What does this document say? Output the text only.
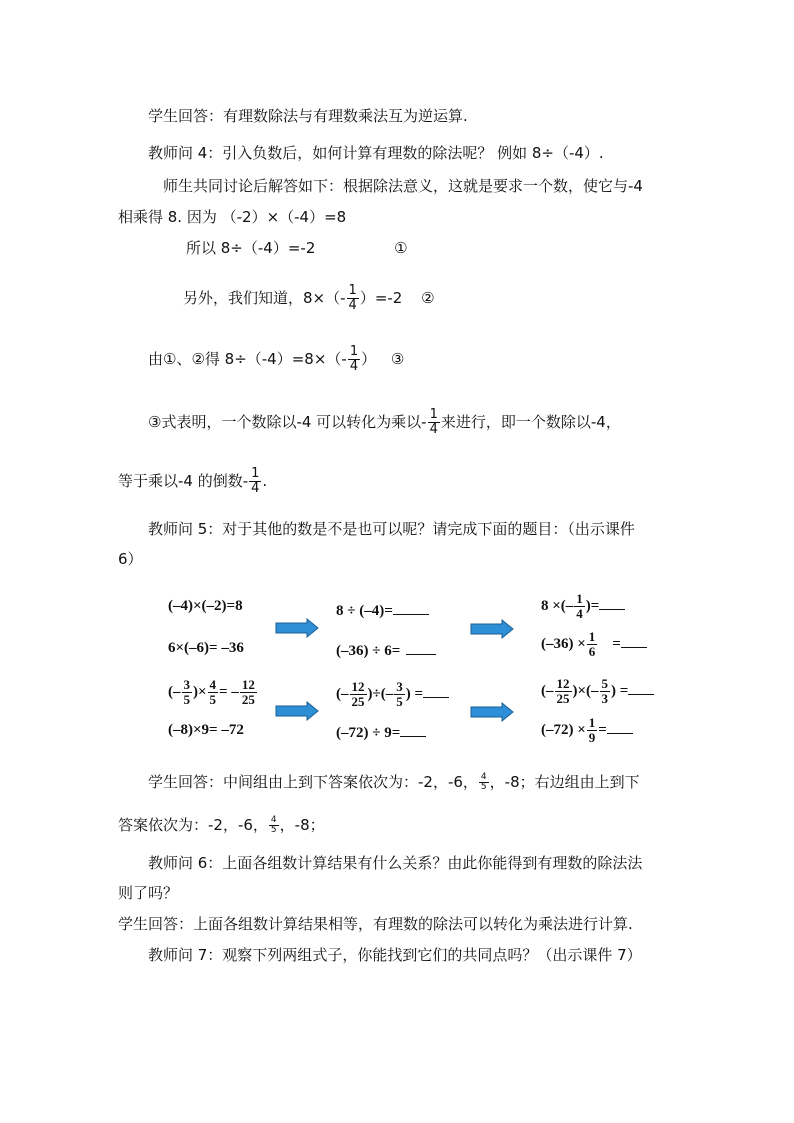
学生回答：有理数除法与有理数乘法互为逆运算.
教师问 4：引入负数后，如何计算有理数的除法呢？ 例如 8÷（-4）.
师生共同讨论后解答如下：根据除法意义，这就是要求一个数，使它与-4
相乘得 8. 因为 （-2）×（-4）=8
所以 8÷（-4）=-2	①
另外，我们知道，$8\times(- \frac{1}{4} )=-2$ ②
由①、②得 $8\div(-4)=8\times(- \frac{1}{4}$ ） ③
③式表明，一个数除以-4 可以转化为乘以- $\frac{1}{4}$ 来进行，即一个数除以-4，
等于乘以-4 的倒数- $\frac{1}{4}$ .
教师问 5：对于其他的数是不是也可以呢？请完成下面的题目：（出示课件
6）
(–4)×(–2)=8
6×(–6)= –36
(– $\frac{3}{5}$ )× $\frac{4}{5}$ = – $\frac{12}{25}$
(–8)×9= –72
8 ÷ (–4)=
(–36) ÷ 6=
(– $\frac{12}{25}$ )÷(– $\frac{3}{5}$ ) =
(–72) ÷ 9=
8 ×(– $\frac{1}{4}$ )=
$(-36) \times \frac{1}{6}$ =
(– $\frac{12}{25}$ )×(– $\frac{5}{3}$ ) =
$(-72) \times \frac{1}{9}$ =
学生回答：中间组由上到下答案依次为：-2，-6， $\frac{4}{5}$ ，-8；右边组由上到下
答案依次为：-2，-6， $\frac{4}{5}$ ，-8；
教师问 6：上面各组数计算结果有什么关系？由此你能得到有理数的除法法
则了吗？
学生回答：上面各组数计算结果相等，有理数的除法可以转化为乘法进行计算.
教师问 7：观察下列两组式子，你能找到它们的共同点吗？（出示课件 7）
